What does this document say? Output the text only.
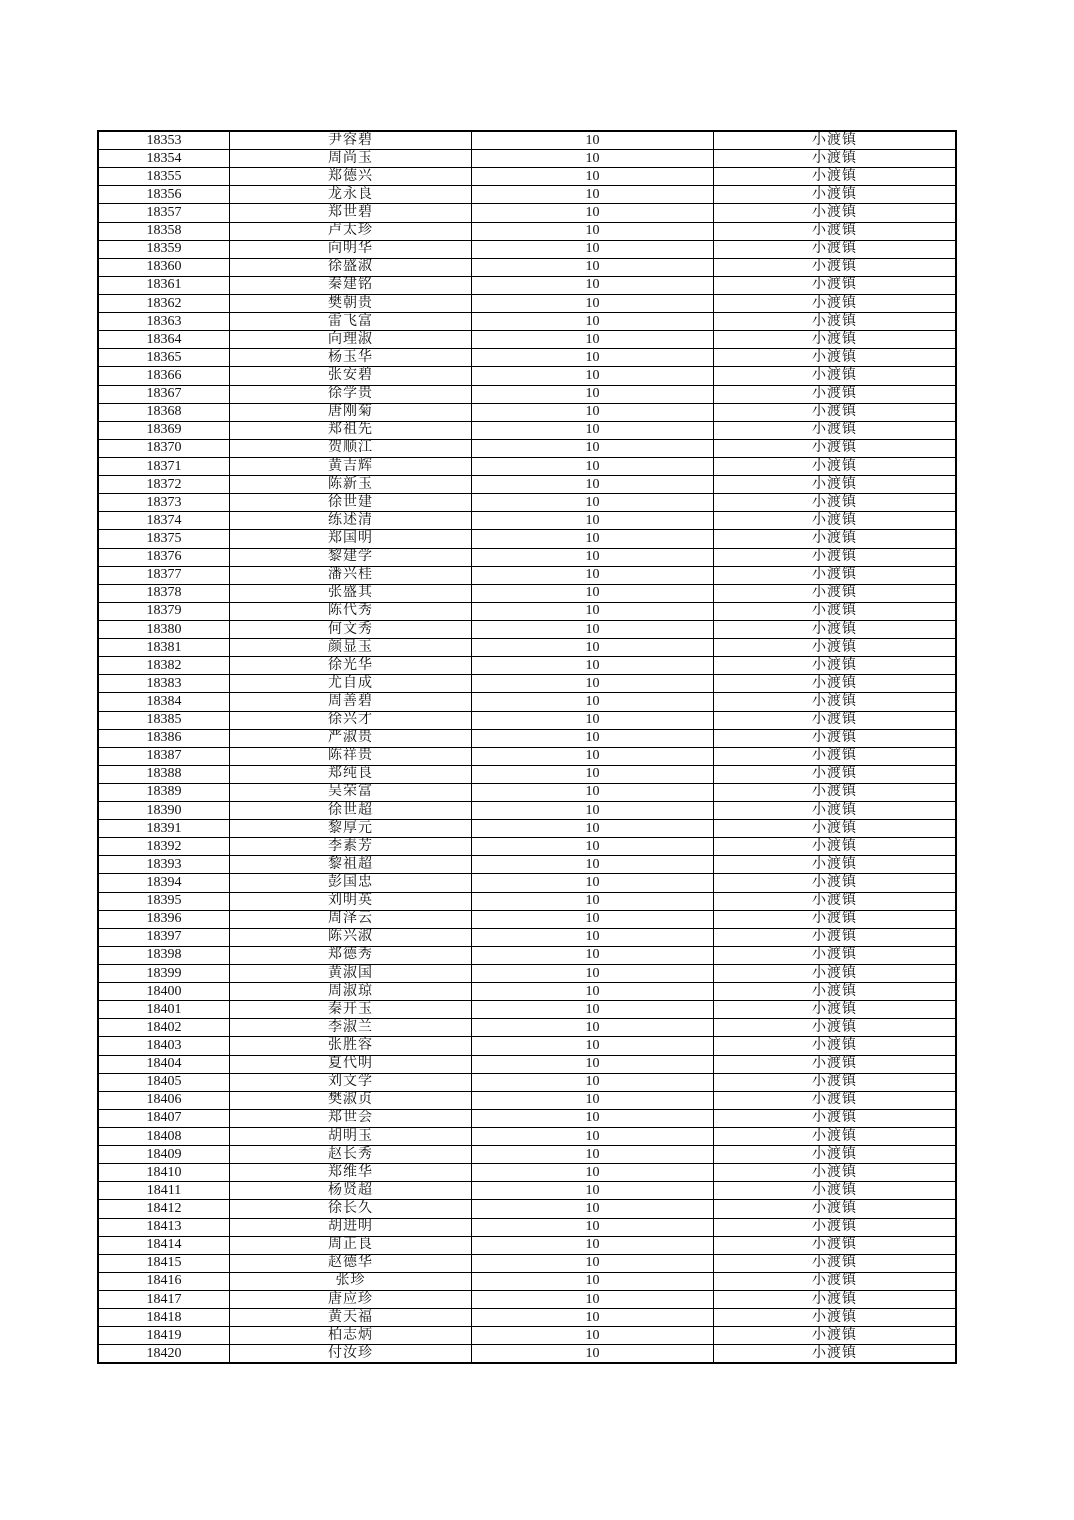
18353	尹容碧	10	小渡镇
18354	周尚玉	10	小渡镇
18355	郑德兴	10	小渡镇
18356	龙永良	10	小渡镇
18357	郑世碧	10	小渡镇
18358	卢太珍	10	小渡镇
18359	向明华	10	小渡镇
18360	徐盛淑	10	小渡镇
18361	秦建铭	10	小渡镇
18362	樊朝贵	10	小渡镇
18363	雷飞富	10	小渡镇
18364	向理淑	10	小渡镇
18365	杨玉华	10	小渡镇
18366	张安碧	10	小渡镇
18367	徐学贵	10	小渡镇
18368	唐刚菊	10	小渡镇
18369	郑祖先	10	小渡镇
18370	贺顺江	10	小渡镇
18371	黄吉辉	10	小渡镇
18372	陈新玉	10	小渡镇
18373	徐世建	10	小渡镇
18374	练述清	10	小渡镇
18375	郑国明	10	小渡镇
18376	黎建学	10	小渡镇
18377	潘兴桂	10	小渡镇
18378	张盛其	10	小渡镇
18379	陈代秀	10	小渡镇
18380	何文秀	10	小渡镇
18381	颜显玉	10	小渡镇
18382	徐光华	10	小渡镇
18383	尤自成	10	小渡镇
18384	周善碧	10	小渡镇
18385	徐兴才	10	小渡镇
18386	严淑贵	10	小渡镇
18387	陈祥贵	10	小渡镇
18388	郑纯良	10	小渡镇
18389	吴荣富	10	小渡镇
18390	徐世超	10	小渡镇
18391	黎厚元	10	小渡镇
18392	李素芳	10	小渡镇
18393	黎祖超	10	小渡镇
18394	彭国忠	10	小渡镇
18395	刘明英	10	小渡镇
18396	周泽云	10	小渡镇
18397	陈兴淑	10	小渡镇
18398	郑德秀	10	小渡镇
18399	黄淑国	10	小渡镇
18400	周淑琼	10	小渡镇
18401	秦开玉	10	小渡镇
18402	李淑兰	10	小渡镇
18403	张胜容	10	小渡镇
18404	夏代明	10	小渡镇
18405	刘文学	10	小渡镇
18406	樊淑贞	10	小渡镇
18407	郑世会	10	小渡镇
18408	胡明玉	10	小渡镇
18409	赵长秀	10	小渡镇
18410	郑维华	10	小渡镇
18411	杨贤超	10	小渡镇
18412	徐长久	10	小渡镇
18413	胡进明	10	小渡镇
18414	周正良	10	小渡镇
18415	赵德华	10	小渡镇
18416	张珍	10	小渡镇
18417	唐应珍	10	小渡镇
18418	黄天福	10	小渡镇
18419	柏志炳	10	小渡镇
18420	付汝珍	10	小渡镇
